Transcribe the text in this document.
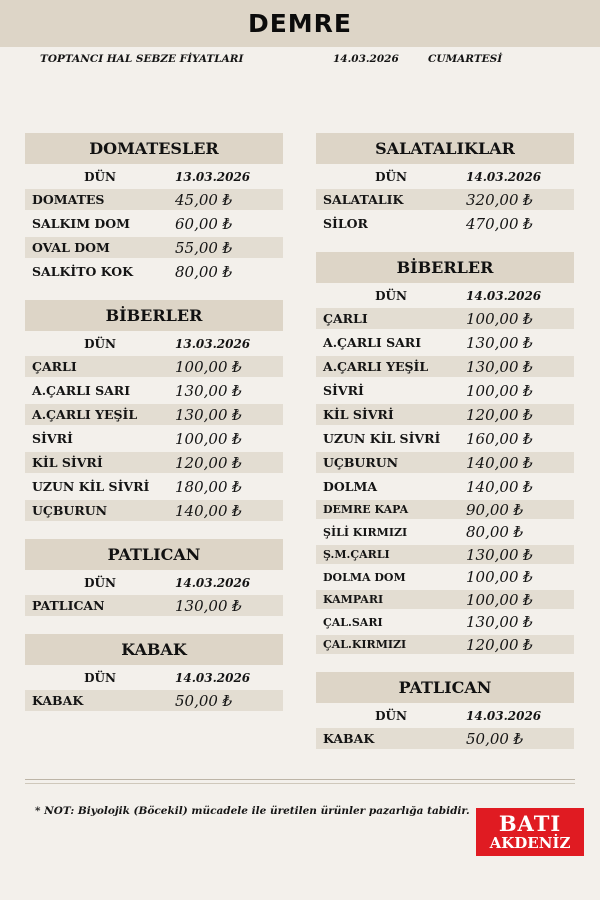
DEMRE
TOPTANCI HAL SEBZE FİYATLARI	14.03.2026	CUMARTESİ
DOMATESLER
DÜN	13.03.2026
DOMATES	45,00 ₺
SALKIM DOM	60,00 ₺
OVAL DOM	55,00 ₺
SALKİTO KOK	80,00 ₺
BİBERLER
DÜN	13.03.2026
ÇARLI	100,00 ₺
A.ÇARLI SARI	130,00 ₺
A.ÇARLI YEŞİL	130,00 ₺
SİVRİ	100,00 ₺
KİL SİVRİ	120,00 ₺
UZUN KİL SİVRİ	180,00 ₺
UÇBURUN	140,00 ₺
PATLICAN
DÜN	14.03.2026
PATLICAN	130,00 ₺
KABAK
DÜN	14.03.2026
KABAK	50,00 ₺
SALATALIKLAR
DÜN	14.03.2026
SALATALIK	320,00 ₺
SİLOR	470,00 ₺
BİBERLER
DÜN	14.03.2026
ÇARLI	100,00 ₺
A.ÇARLI SARI	130,00 ₺
A.ÇARLI YEŞİL	130,00 ₺
SİVRİ	100,00 ₺
KİL SİVRİ	120,00 ₺
UZUN KİL SİVRİ	160,00 ₺
UÇBURUN	140,00 ₺
DOLMA	140,00 ₺
DEMRE KAPA	90,00 ₺
ŞİLİ KIRMIZI	80,00 ₺
Ş.M.ÇARLI	130,00 ₺
DOLMA DOM	100,00 ₺
KAMPARI	100,00 ₺
ÇAL.SARI	130,00 ₺
ÇAL.KIRMIZI	120,00 ₺
PATLICAN
DÜN	14.03.2026
KABAK	50,00 ₺
* NOT: Biyolojik (Böcekil) mücadele ile üretilen ürünler pazarlığa tabidir.	BATI
AKDENİZ
